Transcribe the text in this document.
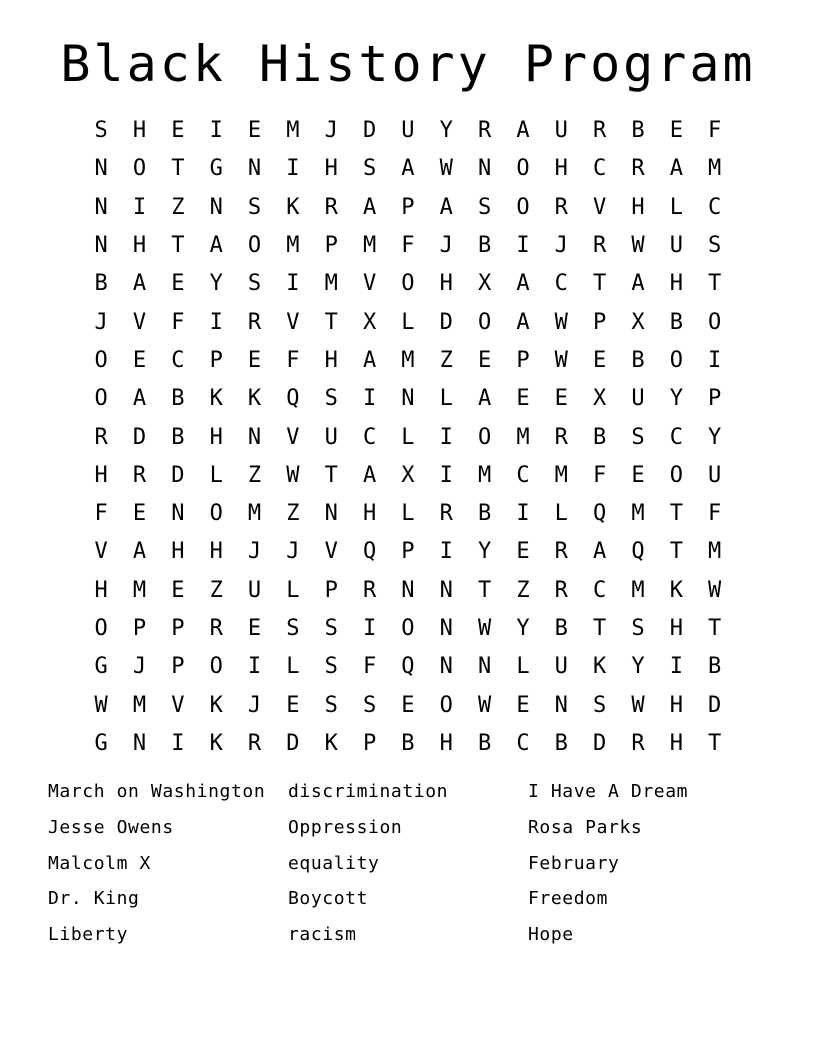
Black History Program
S	H	E	I	E	M	J	D	U	Y	R	A	U	R	B	E	F
N	O	T	G	N	I	H	S	A	W	N	O	H	C	R	A	M
N	I	Z	N	S	K	R	A	P	A	S	O	R	V	H	L	C
N	H	T	A	O	M	P	M	F	J	B	I	J	R	W	U	S
B	A	E	Y	S	I	M	V	O	H	X	A	C	T	A	H	T
J	V	F	I	R	V	T	X	L	D	O	A	W	P	X	B	O
O	E	C	P	E	F	H	A	M	Z	E	P	W	E	B	O	I
O	A	B	K	K	Q	S	I	N	L	A	E	E	X	U	Y	P
R	D	B	H	N	V	U	C	L	I	O	M	R	B	S	C	Y
H	R	D	L	Z	W	T	A	X	I	M	C	M	F	E	O	U
F	E	N	O	M	Z	N	H	L	R	B	I	L	Q	M	T	F
V	A	H	H	J	J	V	Q	P	I	Y	E	R	A	Q	T	M
H	M	E	Z	U	L	P	R	N	N	T	Z	R	C	M	K	W
O	P	P	R	E	S	S	I	O	N	W	Y	B	T	S	H	T
G	J	P	O	I	L	S	F	Q	N	N	L	U	K	Y	I	B
W	M	V	K	J	E	S	S	E	O	W	E	N	S	W	H	D
G	N	I	K	R	D	K	P	B	H	B	C	B	D	R	H	T
March on Washington	discrimination	I Have A Dream
Jesse Owens	Oppression	Rosa Parks
Malcolm X	equality	February
Dr. King	Boycott	Freedom
Liberty	racism	Hope
